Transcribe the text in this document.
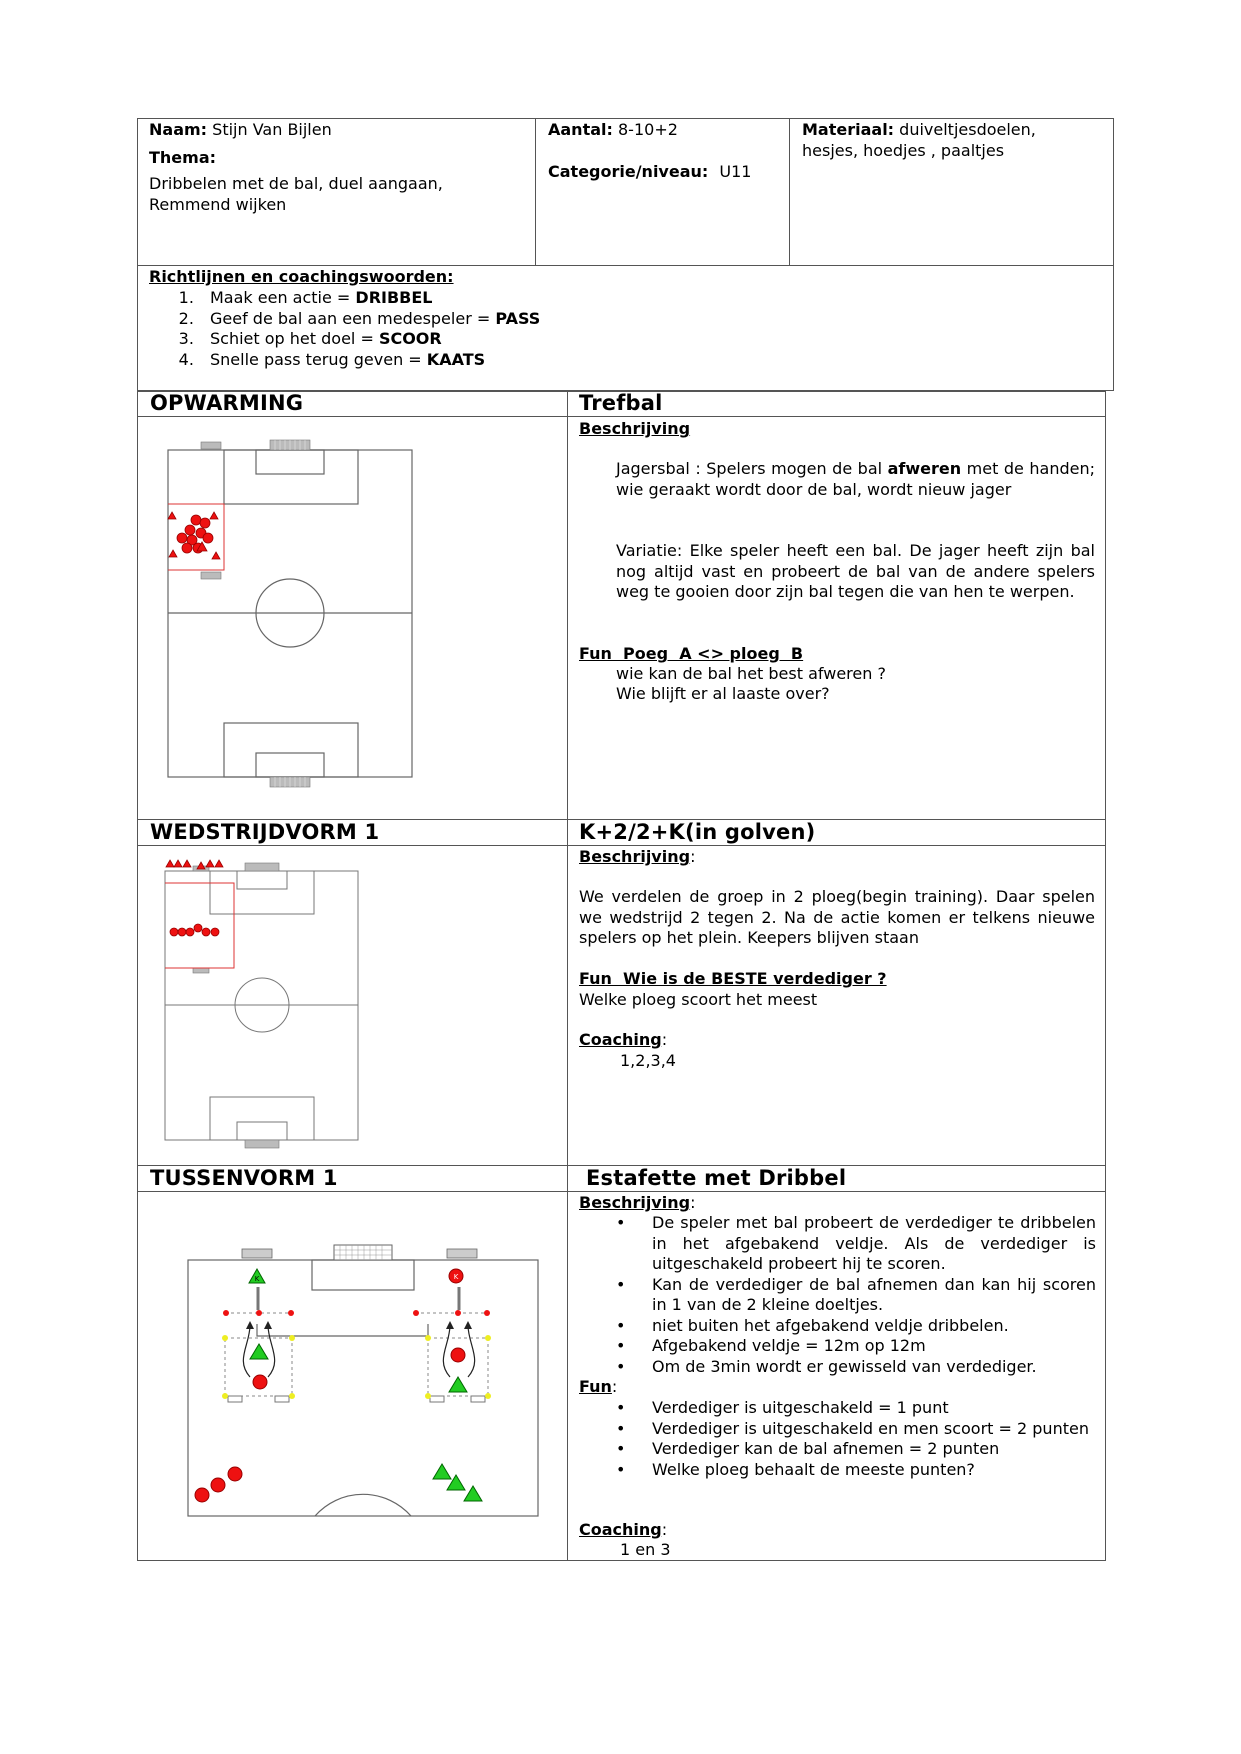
Naam: Stijn Van Bijlen
Thema:
Dribbelen met de bal, duel aangaan,
Remmend wijken
Aantal: 8-10+2
Categorie/niveau: U11
Materiaal: duiveltjesdoelen,
hesjes, hoedjes , paaltjes
Richtlijnen en coachingswoorden:
1. Maak een actie = DRIBBEL
2. Geef de bal aan een medespeler = PASS
3. Schiet op het doel = SCOOR
4. Snelle pass terug geven = KAATS
OPWARMING	Trefbal
Beschrijving
Jagersbal : Spelers mogen de bal afweren met de handen; wie geraakt wordt door de bal, wordt nieuw jager
Variatie: Elke speler heeft een bal. De jager heeft zijn bal nog altijd vast en probeert de bal van de andere spelers weg te gooien door zijn bal tegen die van hen te werpen.
Fun  Poeg  A <> ploeg  B
wie kan de bal het best afweren ?
Wie blijft er al laaste over?
WEDSTRIJDVORM 1	K+2/2+K(in golven)
Beschrijving:
We verdelen de groep in 2 ploeg(begin training). Daar spelen we wedstrijd 2 tegen 2. Na de actie komen er telkens nieuwe spelers op het plein. Keepers blijven staan
Fun  Wie is de BESTE verdediger ?
Welke ploeg scoort het meest
Coaching:
1,2,3,4
TUSSENVORM 1	Estafette met Dribbel
Beschrijving:
• De speler met bal probeert de verdediger te dribbelen in het afgebakend veldje. Als de verdediger is uitgeschakeld probeert hij te scoren.
• Kan de verdediger de bal afnemen dan kan hij scoren in 1 van de 2 kleine doeltjes.
• niet buiten het afgebakend veldje dribbelen.
• Afgebakend veldje = 12m op 12m
• Om de 3min wordt er gewisseld van verdediger.
Fun:
• Verdediger is uitgeschakeld = 1 punt
• Verdediger is uitgeschakeld en men scoort = 2 punten
• Verdediger kan de bal afnemen = 2 punten
• Welke ploeg behaalt de meeste punten?
Coaching:
1 en 3
K	K
